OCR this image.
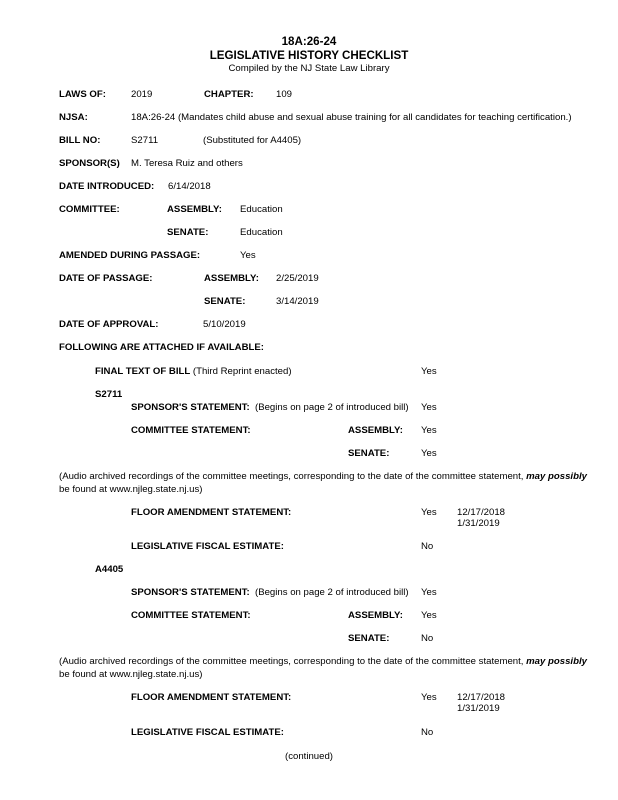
18A:26-24
LEGISLATIVE HISTORY CHECKLIST
Compiled by the NJ State Law Library
LAWS OF:	2019	CHAPTER: 109
NJSA:	18A:26-24 (Mandates child abuse and sexual abuse training for all candidates for teaching certification.)
BILL NO:	S2711	(Substituted for A4405)
SPONSOR(S) M. Teresa Ruiz and others
DATE INTRODUCED: 6/14/2018
COMMITTEE:	ASSEMBLY: Education
SENATE:	Education
AMENDED DURING PASSAGE:	Yes
DATE OF PASSAGE:	ASSEMBLY: 2/25/2019
SENATE:	3/14/2019
DATE OF APPROVAL:	5/10/2019
FOLLOWING ARE ATTACHED IF AVAILABLE:
FINAL TEXT OF BILL (Third Reprint enacted)	Yes
S2711
SPONSOR'S STATEMENT: (Begins on page 2 of introduced bill) Yes
COMMITTEE STATEMENT:	ASSEMBLY: Yes
SENATE:	Yes
(Audio archived recordings of the committee meetings, corresponding to the date of the committee statement, may possibly
be found at www.njleg.state.nj.us)
FLOOR AMENDMENT STATEMENT:	Yes 12/17/2018
1/31/2019
LEGISLATIVE FISCAL ESTIMATE:	No
A4405
SPONSOR'S STATEMENT: (Begins on page 2 of introduced bill) Yes
COMMITTEE STATEMENT:	ASSEMBLY: Yes
SENATE:	No
(Audio archived recordings of the committee meetings, corresponding to the date of the committee statement, may possibly
be found at www.njleg.state.nj.us)
FLOOR AMENDMENT STATEMENT:	Yes 12/17/2018
1/31/2019
LEGISLATIVE FISCAL ESTIMATE:	No
(continued)
